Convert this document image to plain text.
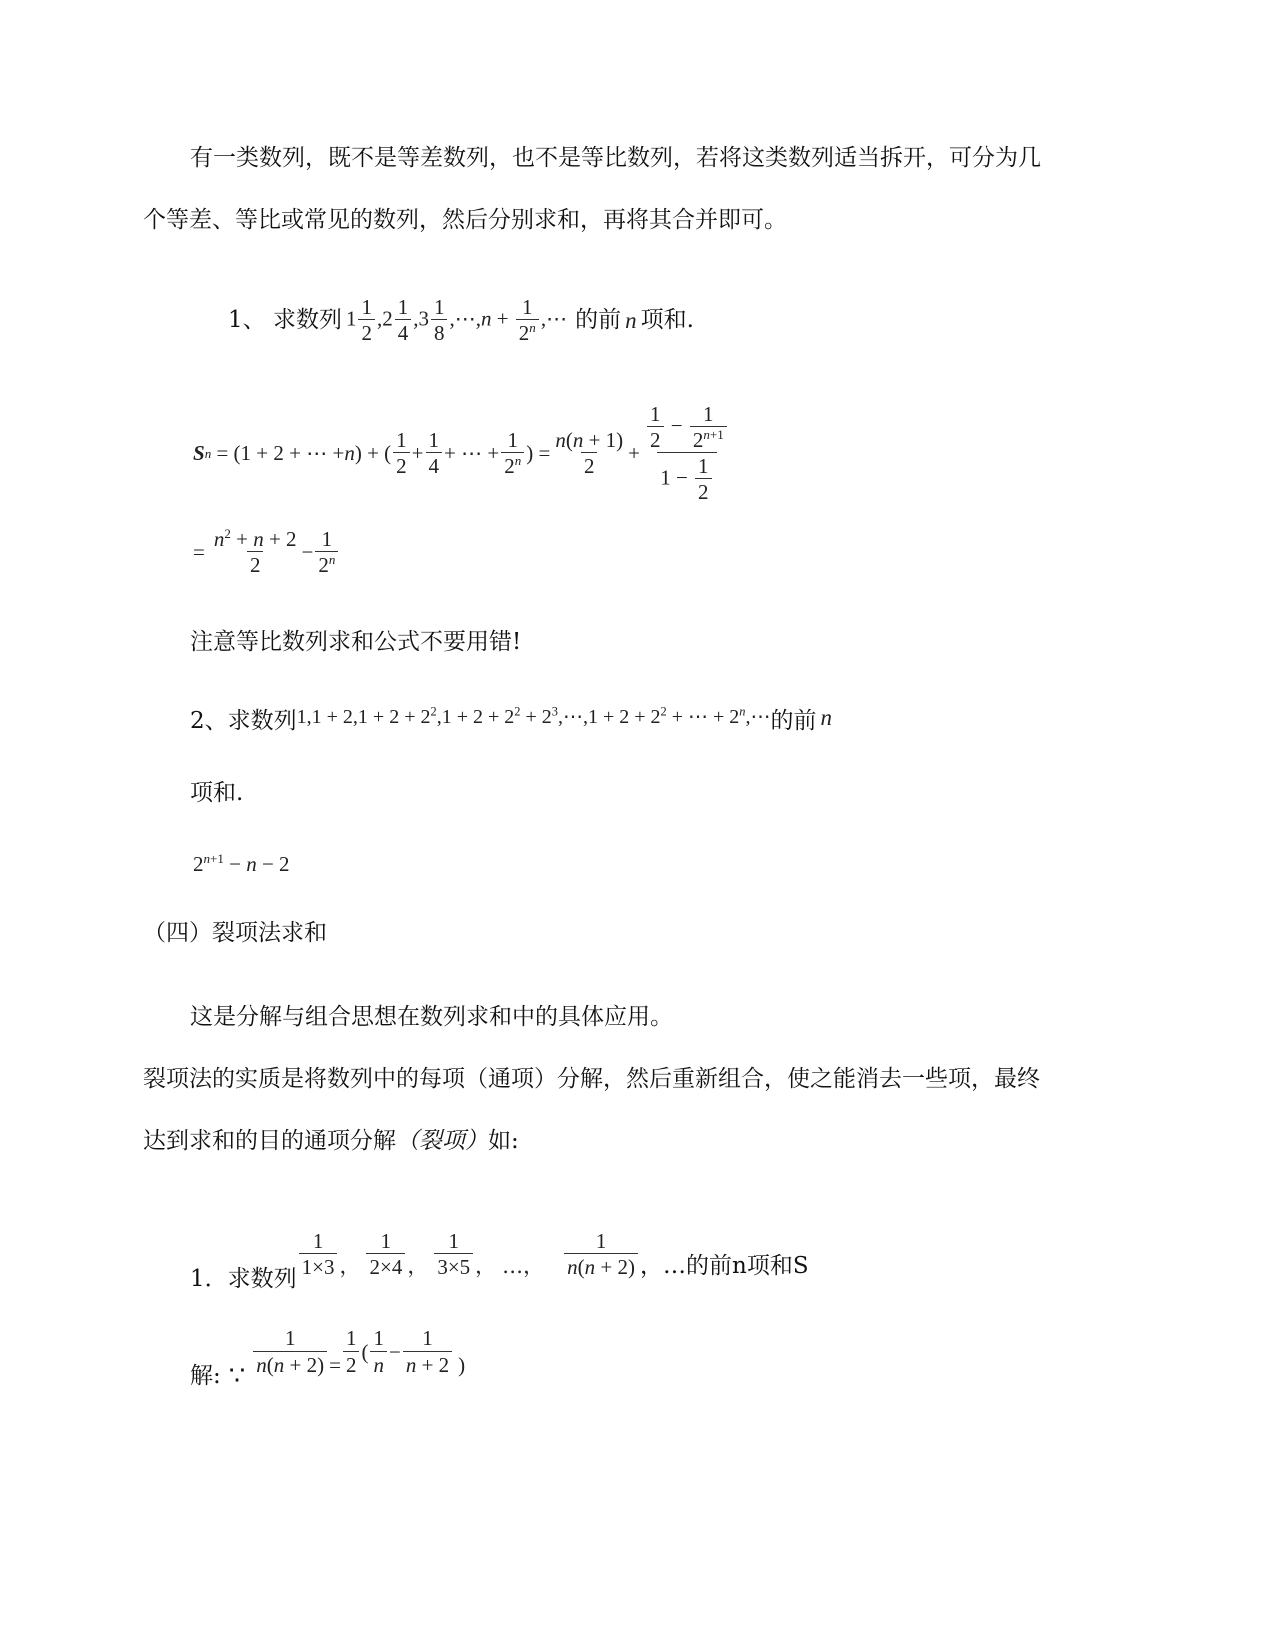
有一类数列，既不是等差数列，也不是等比数列，若将这类数列适当拆开，可分为几
个等差、等比或常见的数列，然后分别求和，再将其合并即可。
1、 求数列 $1 \frac{1}{2} ,2 \frac{1}{4} ,3 \frac{1}{8}$ ,⋯,n + $\frac{1}{2^n}$ ,⋯ 的前 n 项和.
S n = (1 + 2 + ⋯ + n ) + ( $\frac{1}{2} + \frac{1}{4}$ + ⋯ + $\frac{1}{2^n}$ ) = $\frac{n(n + 1)}{2} + \frac{\frac{1}{2} - \frac{1}{2^{n+1}}}{1 - \frac{1}{2}}$
= $\frac{n^2 + n + 2}{2} - \frac{1}{2^n}$
注意等比数列求和公式不要用错!
2、求数列 $1,1 + 2,1 + 2 + 2^2,1 + 2 + 2^2$ + $2^3,\cdots,1 + 2 + 2^2$ + ⋯ + $2^n,\cdots$ 的前 n
项和.
$2^{n+1} - n - 2$
（四）裂项法求和
这是分解与组合思想在数列求和中的具体应用。
裂项法的实质是将数列中的每项（通项）分解，然后重新组合，使之能消去一些项，最终
达到求和的目的通项分解（裂项）如:
1．求数列 $\frac{1}{1\times 3}$ ， $\frac{1}{2\times 4}$ ， $\frac{1}{3\times 5}$ ， …， $\frac{1}{n(n + 2)}$ ，…的前n项和S
解: ∵ $\frac{1}{n(n + 2)} = \frac{1}{2}$ ( $\frac{1}{n} - \frac{1}{n + 2}$ )
